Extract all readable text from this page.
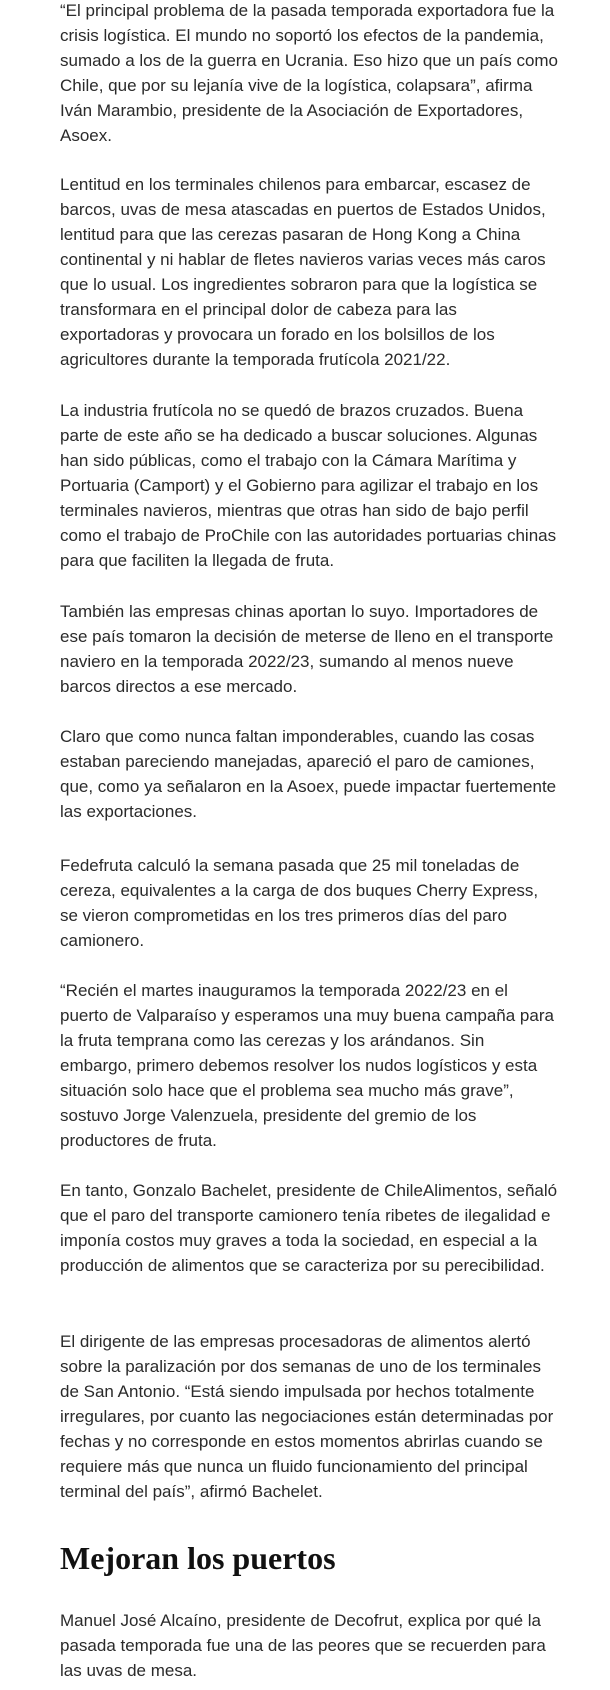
“El principal problema de la pasada temporada exportadora fue la crisis logística. El mundo no soportó los efectos de la pandemia, sumado a los de la guerra en Ucrania. Eso hizo que un país como Chile, que por su lejanía vive de la logística, colapsara”, afirma Iván Marambio, presidente de la Asociación de Exportadores, Asoex.

Lentitud en los terminales chilenos para embarcar, escasez de barcos, uvas de mesa atascadas en puertos de Estados Unidos, lentitud para que las cerezas pasaran de Hong Kong a China continental y ni hablar de fletes navieros varias veces más caros que lo usual. Los ingredientes sobraron para que la logística se transformara en el principal dolor de cabeza para las exportadoras y provocara un forado en los bolsillos de los agricultores durante la temporada frutícola 2021/22.

La industria frutícola no se quedó de brazos cruzados. Buena parte de este año se ha dedicado a buscar soluciones. Algunas han sido públicas, como el trabajo con la Cámara Marítima y Portuaria (Camport) y el Gobierno para agilizar el trabajo en los terminales navieros, mientras que otras han sido de bajo perfil como el trabajo de ProChile con las autoridades portuarias chinas para que faciliten la llegada de fruta.

También las empresas chinas aportan lo suyo. Importadores de ese país tomaron la decisión de meterse de lleno en el transporte naviero en la temporada 2022/23, sumando al menos nueve barcos directos a ese mercado.

Claro que como nunca faltan imponderables, cuando las cosas estaban pareciendo manejadas, apareció el paro de camiones, que, como ya señalaron en la Asoex, puede impactar fuertemente las exportaciones.

Fedefruta calculó la semana pasada que 25 mil toneladas de cereza, equivalentes a la carga de dos buques Cherry Express, se vieron comprometidas en los tres primeros días del paro camionero.

“Recién el martes inauguramos la temporada 2022/23 en el puerto de Valparaíso y esperamos una muy buena campaña para la fruta temprana como las cerezas y los arándanos. Sin embargo, primero debemos resolver los nudos logísticos y esta situación solo hace que el problema sea mucho más grave”, sostuvo Jorge Valenzuela, presidente del gremio de los productores de fruta.

En tanto, Gonzalo Bachelet, presidente de ChileAlimentos, señaló que el paro del transporte camionero tenía ribetes de ilegalidad e imponía costos muy graves a toda la sociedad, en especial a la producción de alimentos que se caracteriza por su perecibilidad.

El dirigente de las empresas procesadoras de alimentos alertó sobre la paralización por dos semanas de uno de los terminales de San Antonio. “Está siendo impulsada por hechos totalmente irregulares, por cuanto las negociaciones están determinadas por fechas y no corresponde en estos momentos abrirlas cuando se requiere más que nunca un fluido funcionamiento del principal terminal del país”, afirmó Bachelet.

Mejoran los puertos

Manuel José Alcaíno, presidente de Decofrut, explica por qué la pasada temporada fue una de las peores que se recuerden para las uvas de mesa.
